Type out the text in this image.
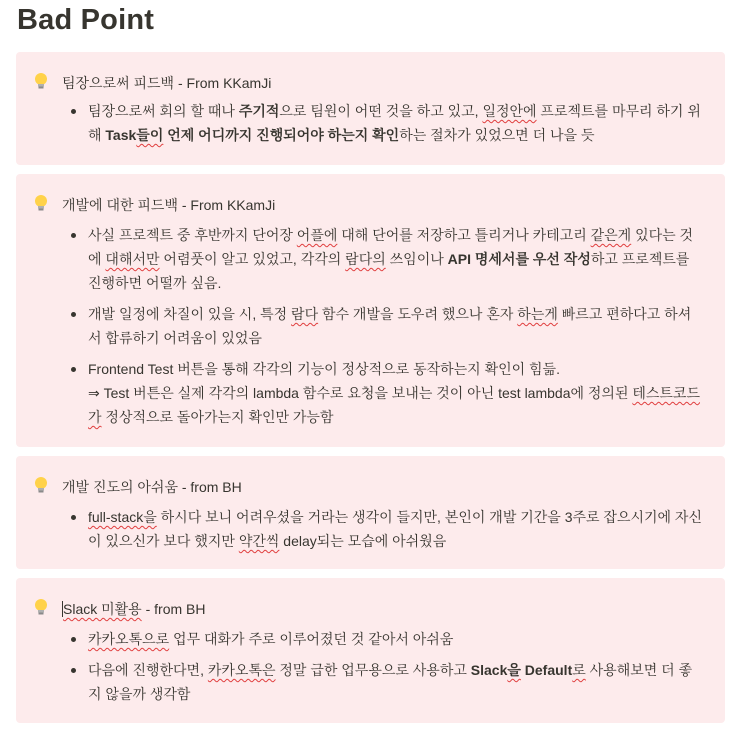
Bad Point
팀장으로써 피드백 - From KKamJi
팀장으로써 회의 할 때나 주기적으로 팀원이 어떤 것을 하고 있고, 일정안에 프로젝트를 마무리 하기 위해 Task들이 언제 어디까지 진행되어야 하는지 확인하는 절차가 있었으면 더 나을 듯
개발에 대한 피드백 - From KKamJi
사실 프로젝트 중 후반까지 단어장 어플에 대해 단어를 저장하고 틀리거나 카테고리 같은게 있다는 것에 대해서만 어렴풋이 알고 있었고, 각각의 람다의 쓰임이나 API 명세서를 우선 작성하고 프로젝트를 진행하면 어떨까 싶음.
개발 일정에 차질이 있을 시, 특정 람다 함수 개발을 도우려 했으나 혼자 하는게 빠르고 편하다고 하셔서 합류하기 어려움이 있었음
Frontend Test 버튼을 통해 각각의 기능이 정상적으로 동작하는지 확인이 힘듦.
⇒ Test 버튼은 실제 각각의 lambda 함수로 요청을 보내는 것이 아닌 test lambda에 정의된 테스트코드가 정상적으로 돌아가는지 확인만 가능함
개발 진도의 아쉬움 - from BH
full-stack을 하시다 보니 어려우셨을 거라는 생각이 들지만, 본인이 개발 기간을 3주로 잡으시기에 자신이 있으신가 보다 했지만 약간씩 delay되는 모습에 아쉬웠음
Slack 미활용 - from BH
카카오톡으로 업무 대화가 주로 이루어졌던 것 같아서 아쉬움
다음에 진행한다면, 카카오톡은 정말 급한 업무용으로 사용하고 Slack을 Default로 사용해보면 더 좋지 않을까 생각함
